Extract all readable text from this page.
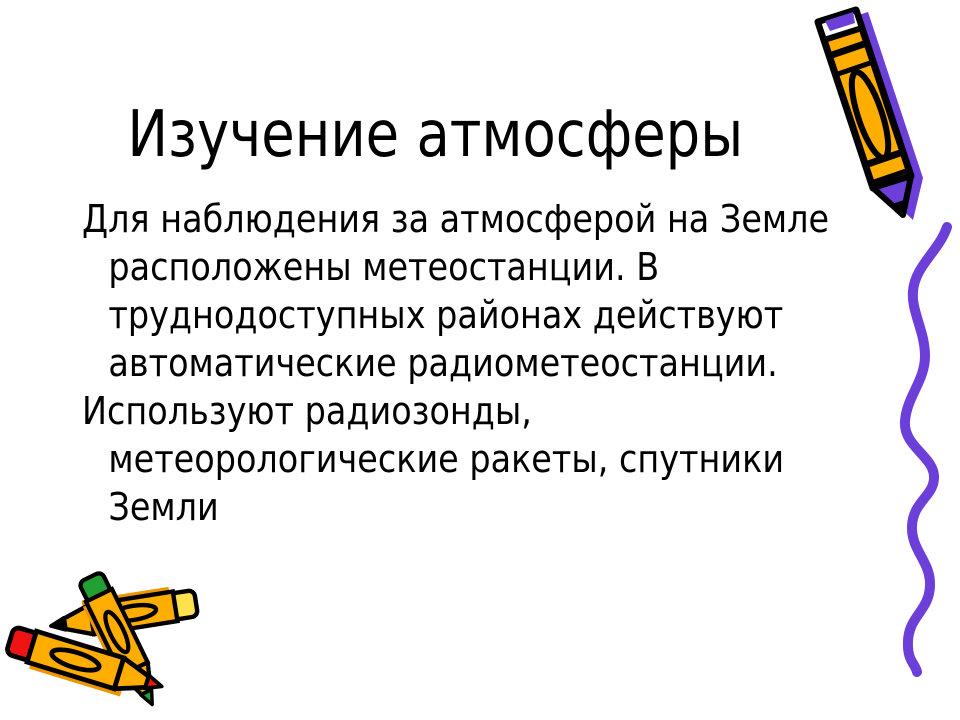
Изучение атмосферы
Для наблюдения за атмосферой на Земле
расположены метеостанции. В
труднодоступных районах действуют
автоматические радиометеостанции.
Используют радиозонды,
метеорологические ракеты, спутники
Земли
